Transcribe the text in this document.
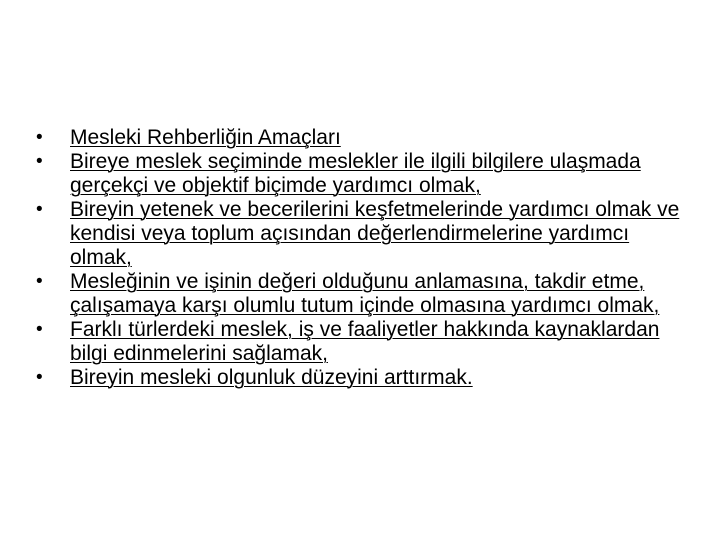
•	Mesleki Rehberliğin Amaçları
•	Bireye meslek seçiminde meslekler ile ilgili bilgilere ulaşmada gerçekçi ve objektif biçimde yardımcı olmak,
•	Bireyin yetenek ve becerilerini keşfetmelerinde yardımcı olmak ve kendisi veya toplum açısından değerlendirmelerine yardımcı olmak,
•	Mesleğinin ve işinin değeri olduğunu anlamasına, takdir etme, çalışamaya karşı olumlu tutum içinde olmasına yardımcı olmak,
•	Farklı türlerdeki meslek, iş ve faaliyetler hakkında kaynaklardan bilgi edinmelerini sağlamak,
•	Bireyin mesleki olgunluk düzeyini arttırmak.
